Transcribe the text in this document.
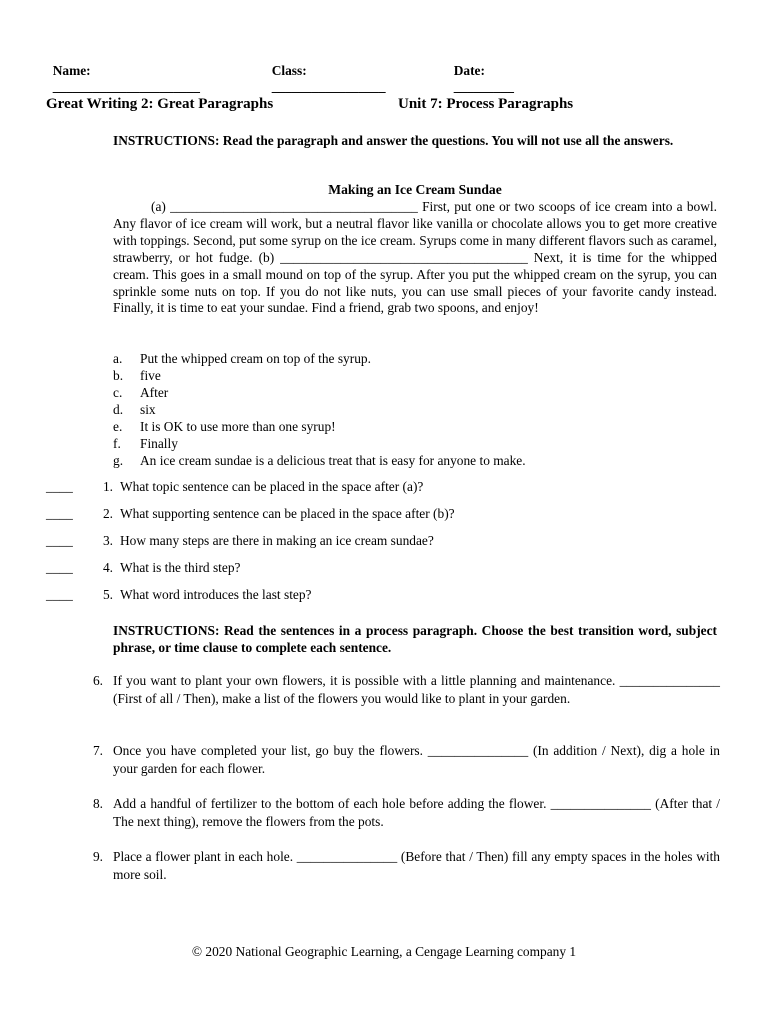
Name:
______________________

Class:
_________________

Date:
_________

Great Writing 2: Great Paragraphs	Unit 7: Process Paragraphs
INSTRUCTIONS: Read the paragraph and answer the questions. You will not use all the answers.
Making an Ice Cream Sundae
(a) _____________________________________ First, put one or two scoops of ice cream into a bowl. Any flavor of ice cream will work, but a neutral flavor like vanilla or chocolate allows you to get more creative with toppings. Second, put some syrup on the ice cream. Syrups come in many different flavors such as caramel, strawberry, or hot fudge. (b) _____________________________________ Next, it is time for the whipped cream. This goes in a small mound on top of the syrup. After you put the whipped cream on the syrup, you can sprinkle some nuts on top. If you do not like nuts, you can use small pieces of your favorite candy instead. Finally, it is time to eat your sundae. Find a friend, grab two spoons, and enjoy!
a. Put the whipped cream on top of the syrup.
b. five
c. After
d. six
e. It is OK to use more than one syrup!
f. Finally
g. An ice cream sundae is a delicious treat that is easy for anyone to make.
____ 1. What topic sentence can be placed in the space after (a)?
____ 2. What supporting sentence can be placed in the space after (b)?
____ 3. How many steps are there in making an ice cream sundae?
____ 4. What is the third step?
____ 5. What word introduces the last step?
INSTRUCTIONS: Read the sentences in a process paragraph. Choose the best transition word, subject phrase, or time clause to complete each sentence.
6. If you want to plant your own flowers, it is possible with a little planning and maintenance. _______________ (First of all / Then), make a list of the flowers you would like to plant in your garden.
7. Once you have completed your list, go buy the flowers. _______________ (In addition / Next), dig a hole in your garden for each flower.
8. Add a handful of fertilizer to the bottom of each hole before adding the flower. _______________ (After that / The next thing), remove the flowers from the pots.
9. Place a flower plant in each hole. _______________ (Before that / Then) fill any empty spaces in the holes with more soil.
© 2020 National Geographic Learning, a Cengage Learning company 1
